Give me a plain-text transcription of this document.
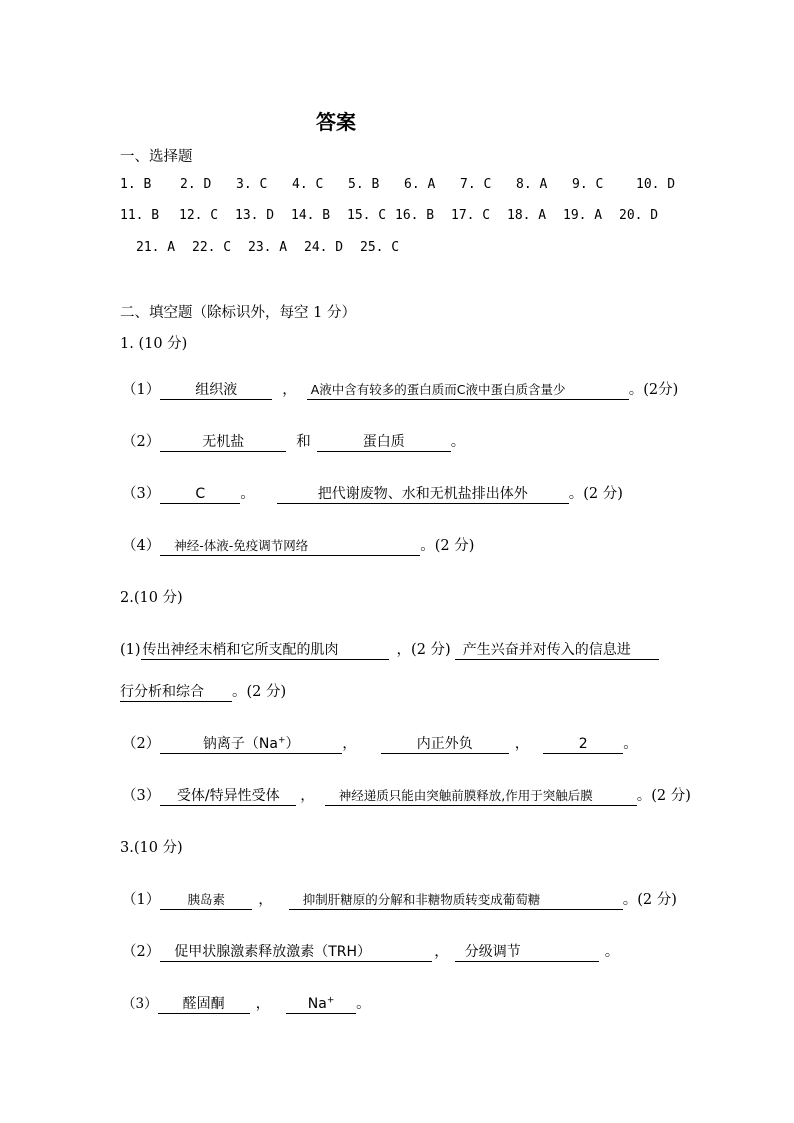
答案
一、选择题
1. B 2. D 3. C 4. C 5. B 6. A 7. C 8. A 9. C	10. D
11. B 12. C 13. D 14. B 15. C 16. B 17. C 18. A 19. A 20. D
21. A 22. C 23. A 24. D 25. C
二、填空题（除标识外，每空 1 分）
1. (10 分)
（1）	组织液	， A液中含有较多的蛋白质而C液中蛋白质含量少	。(2分)
（2）	无机盐	和	蛋白质	。
（3）	C 。	把代谢废物、水和无机盐排出体外	。(2 分)
（4） 神经-体液-免疫调节网络	。(2 分)
2.(10 分)
(1) 传出神经末梢和它所支配的肌肉	，(2 分) 产生兴奋并对传入的信息进
行分析和综合 。(2 分)
（2）	钠离子（Na+）	，	内正外负	，	2 。
（3） 受体/特异性受体 ， 神经递质只能由突触前膜释放,作用于突触后膜	。(2 分)
3.(10 分)
（1） 胰岛素 ， 抑制肝糖原的分解和非糖物质转变成葡萄糖	。(2 分)
（2） 促甲状腺激素释放激素（TRH）	， 分级调节	。
（3） 醛固酮 ，	Na+ 。
